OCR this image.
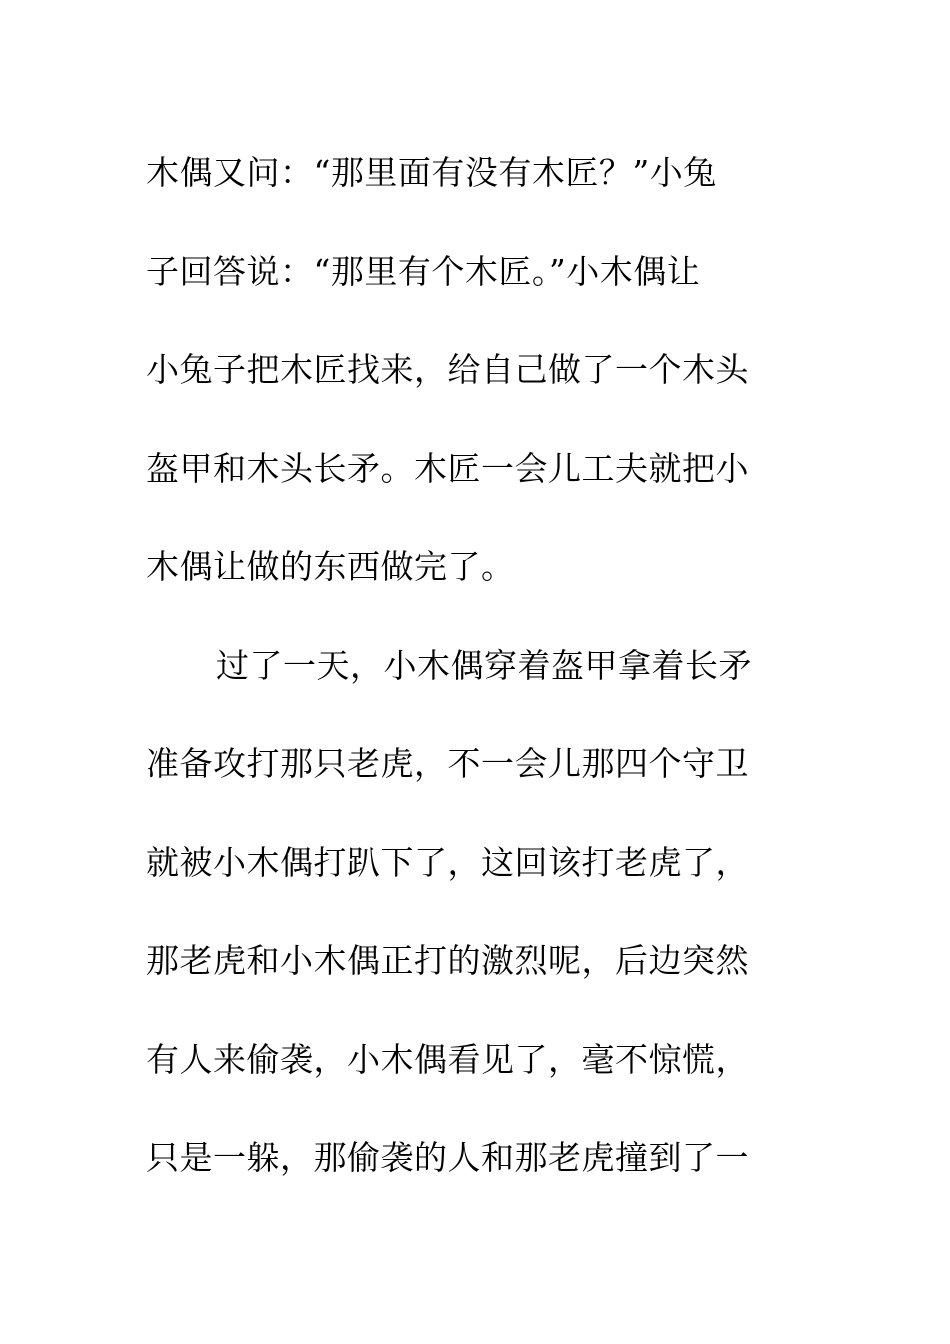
木偶又问：“那里面有没有木匠？”小兔
子回答说：“那里有个木匠。”小木偶让
小兔子把木匠找来，给自己做了一个木头
盔甲和木头长矛。木匠一会儿工夫就把小
木偶让做的东西做完了。
过了一天，小木偶穿着盔甲拿着长矛
准备攻打那只老虎，不一会儿那四个守卫
就被小木偶打趴下了，这回该打老虎了，
那老虎和小木偶正打的激烈呢，后边突然
有人来偷袭，小木偶看见了，毫不惊慌，
只是一躲，那偷袭的人和那老虎撞到了一
